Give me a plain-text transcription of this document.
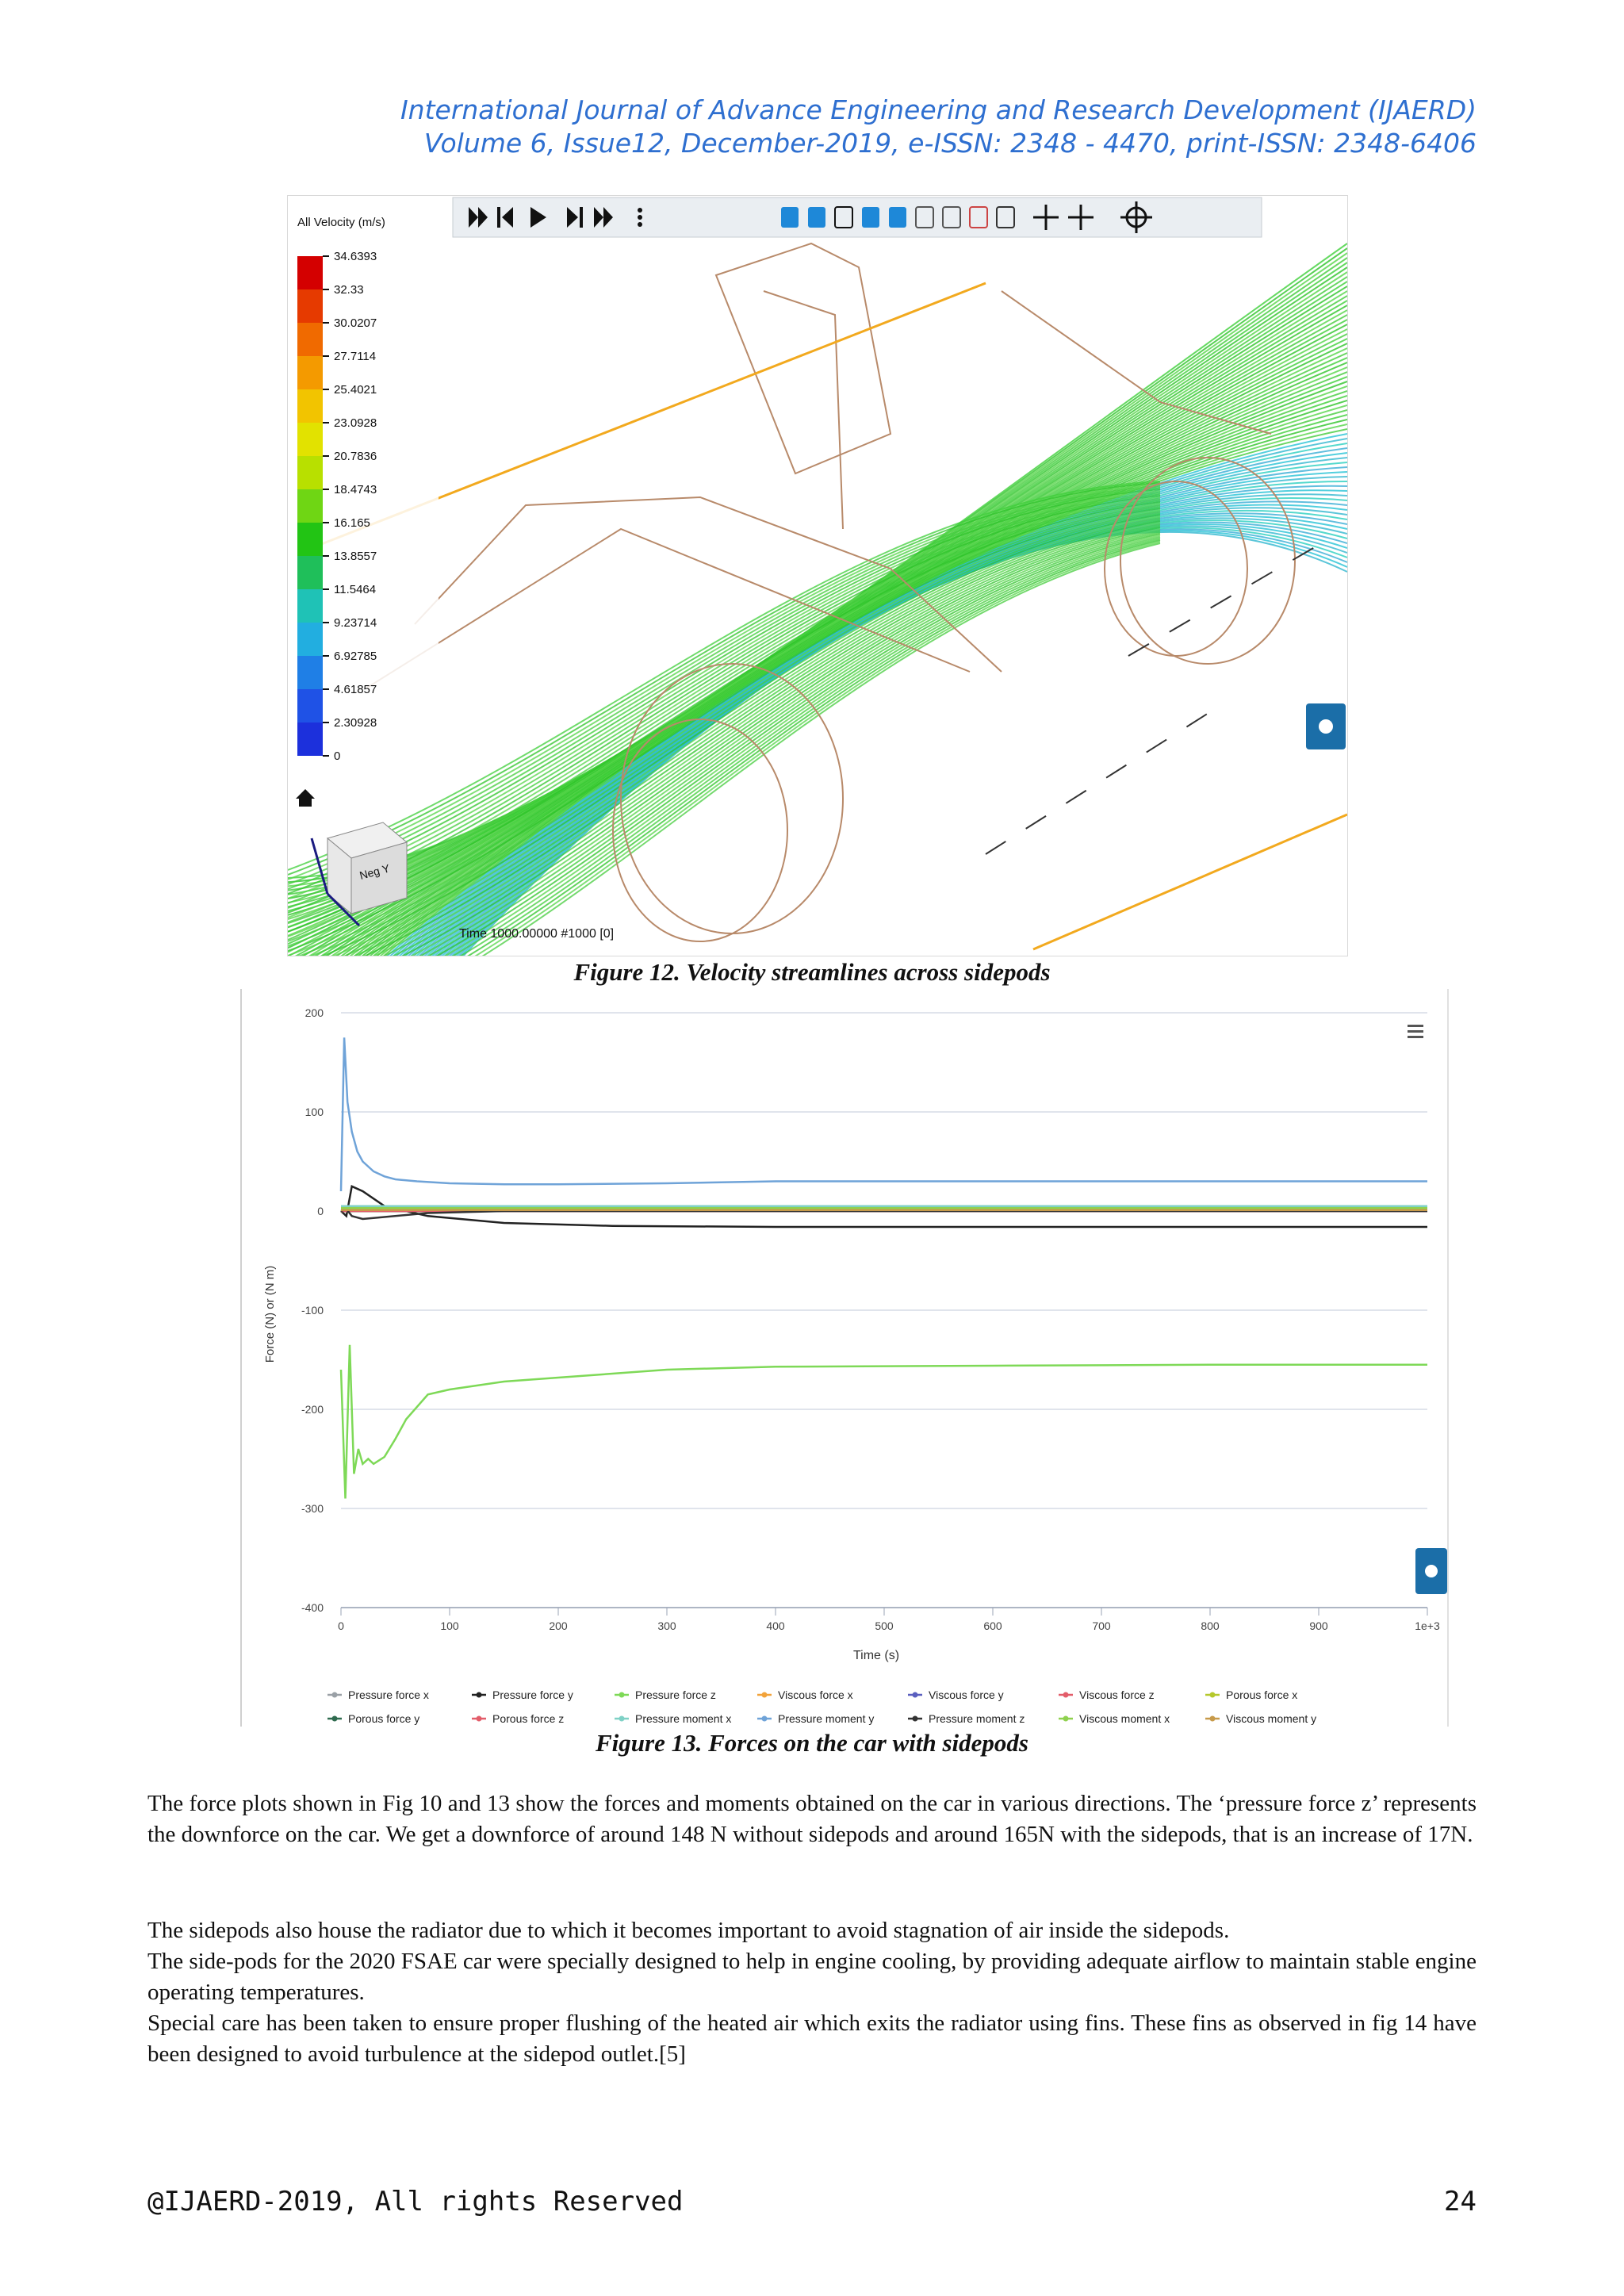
International Journal of Advance Engineering and Research Development (IJAERD)
Volume 6, Issue12, December-2019, e-ISSN: 2348 - 4470, print-ISSN: 2348-6406
All Velocity (m/s)
34.6393
32.33
30.0207
27.7114
25.4021
23.0928
20.7836
18.4743
16.165
13.8557
11.5464
9.23714
6.92785
4.61857
2.30928
0
Neg Y
Time 1000.00000 #1000 [0]
Figure 12. Velocity streamlines across sidepods
Force (N) or (N m)
Time (s)
200
100
0
-100
-200
-300
-400
0	100	200	300	400	500	600	700	800	900	1e+3
Pressure force x	Pressure force y	Pressure force z	Viscous force x	Viscous force y	Viscous force z	Porous force x
Porous force y	Porous force z	Pressure moment x	Pressure moment y	Pressure moment z	Viscous moment x	Viscous moment y
Figure 13. Forces on the car with sidepods

The force plots shown in Fig 10 and 13 show the forces and moments obtained on the car in various directions. The ‘pressure force z’ represents the downforce on the car. We get a downforce of around 148 N without sidepods and around 165N with the sidepods, that is an increase of 17N.

The sidepods also house the radiator due to which it becomes important to avoid stagnation of air inside the sidepods.

The side-pods for the 2020 FSAE car were specially designed to help in engine cooling, by providing adequate airflow to maintain stable engine operating temperatures.

Special care has been taken to ensure proper flushing of the heated air which exits the radiator using fins. These fins as observed in fig 14 have been designed to avoid turbulence at the sidepod outlet.[5]

@IJAERD-2019, All rights Reserved	24
